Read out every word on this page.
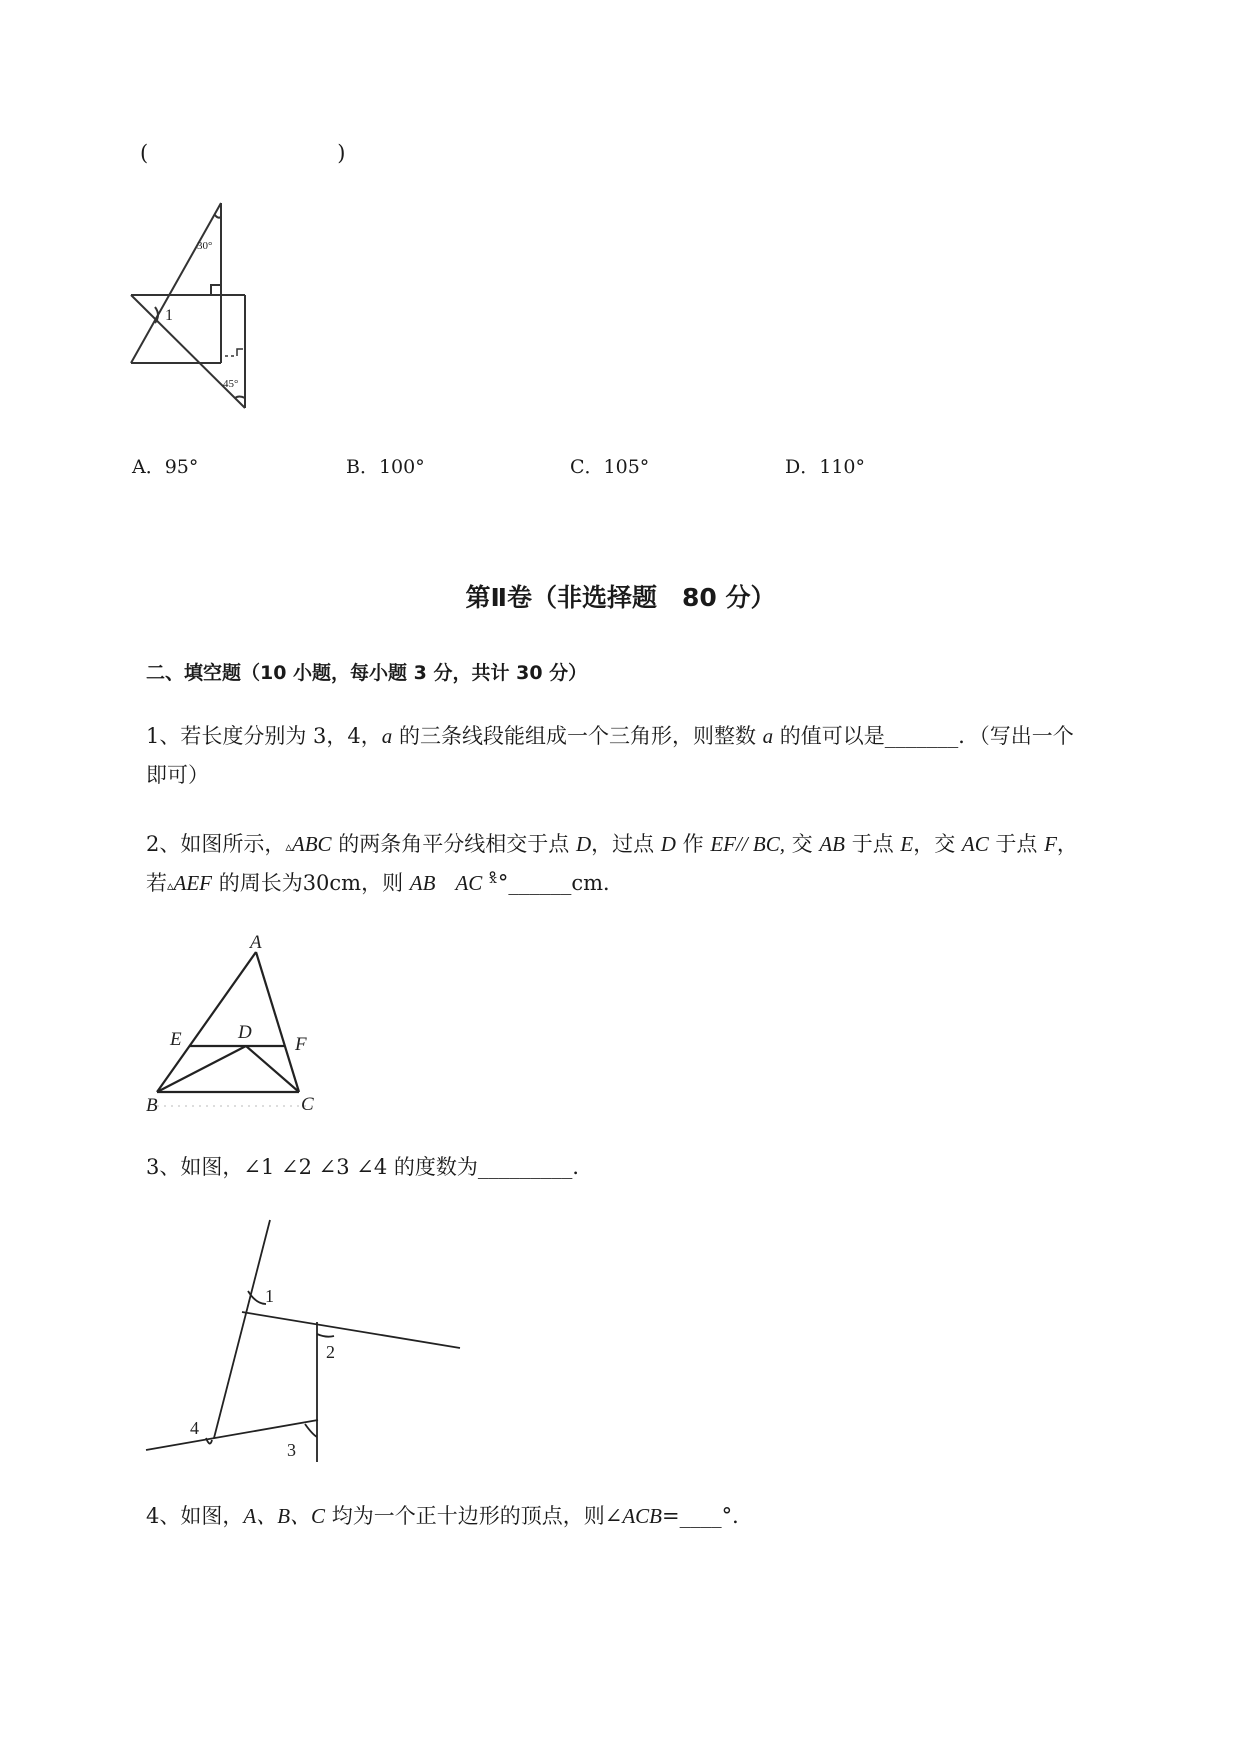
(　　　　　　　　　)
30°
1
45°
A．95°	B．100°	C．105°	D．110°
第Ⅱ卷（非选择题　80 分）
二、填空题（10 小题，每小题 3 分，共计 30 分）
1、若长度分别为 3，4，a 的三条线段能组成一个三角形，则整数 a 的值可以是_______．（写出一个
即可）
2、如图所示，▵ABC 的两条角平分线相交于点 D，过点 D 作 EF// BC, 交 AB 于点 E，交 AC 于点 F，
若▵AEF 的周长为30cm，则 AB AC ˣ̊°______cm．
A
E	D
F
B	C
3、如图，∠1 ∠2 ∠3 ∠4 的度数为_________．
1
2
3
4
4、如图，A、B、C 均为一个正十边形的顶点，则∠ACB=____°．
